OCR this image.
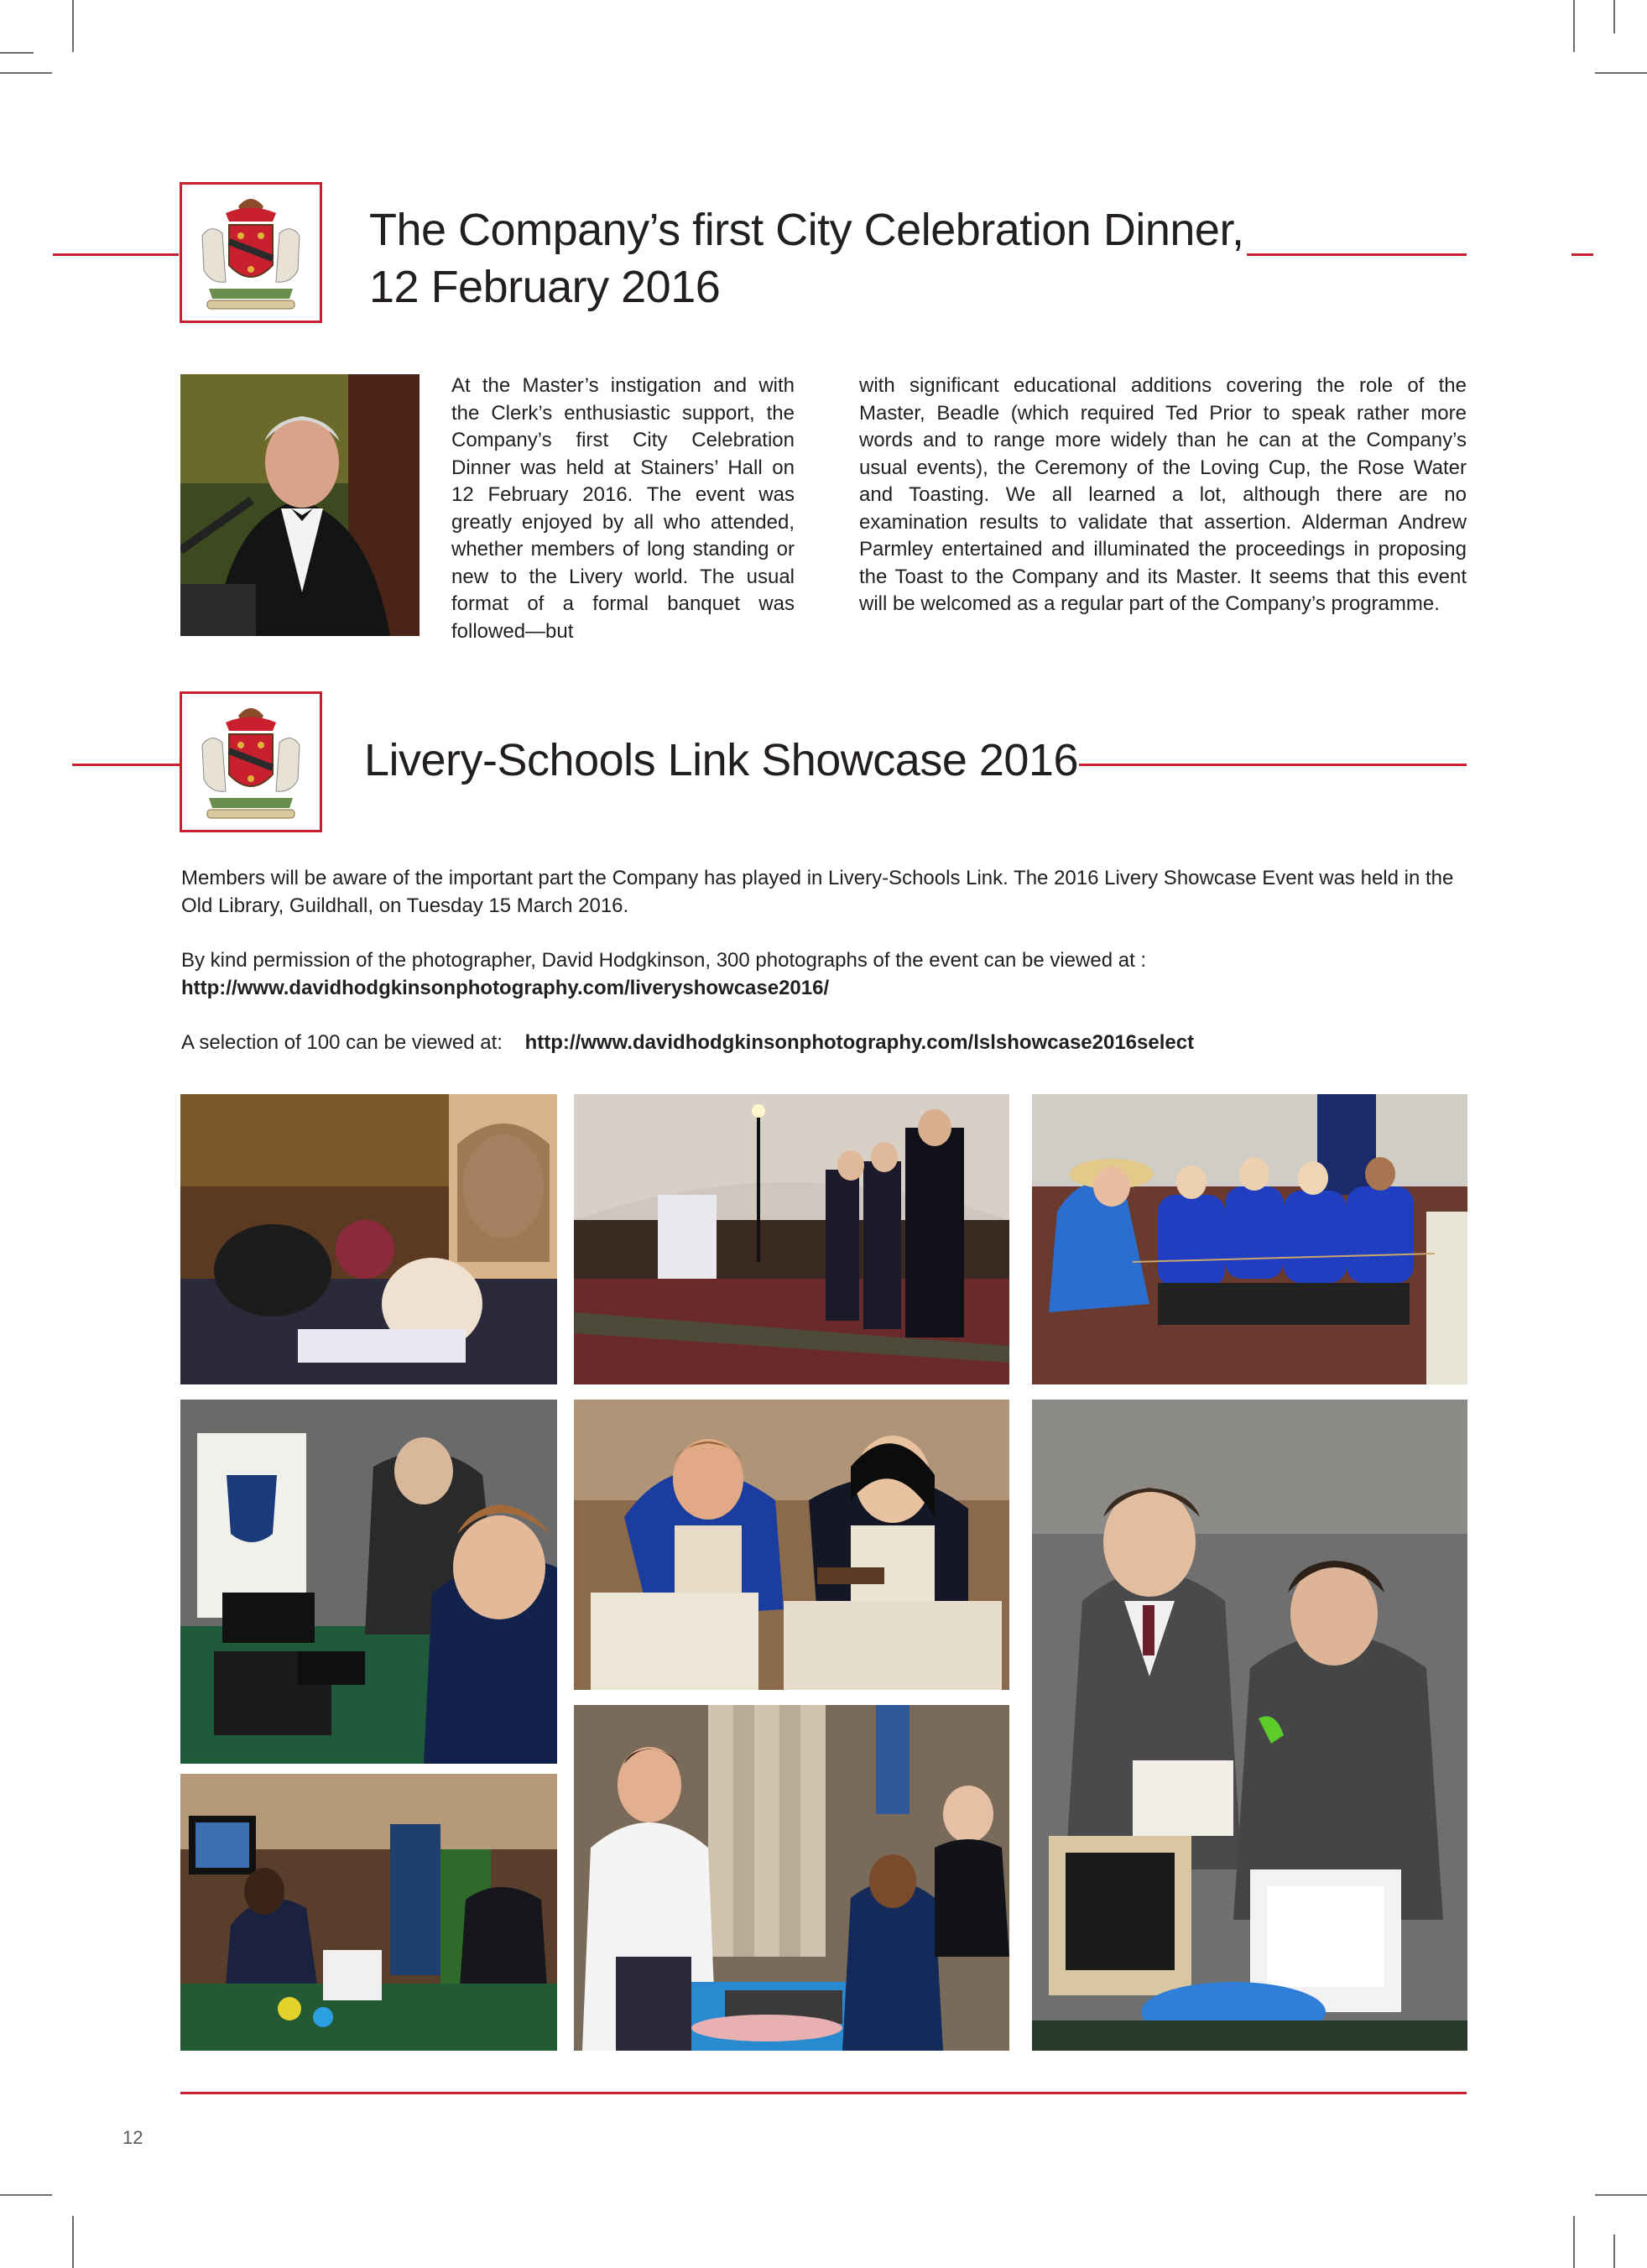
The Company’s first City Celebration Dinner,
12 February 2016

At the Master’s instigation and with the Clerk’s enthusiastic support, the Company’s first City Celebration Dinner was held at Stainers’ Hall on 12 February 2016. The event was greatly enjoyed by all who attended, whether members of long standing or new to the Livery world. The usual format of a formal banquet was followed—but

with significant educational additions covering the role of the Master, Beadle (which required Ted Prior to speak rather more words and to range more widely than he can at the Company’s usual events), the Ceremony of the Loving Cup, the Rose Water and Toasting. We all learned a lot, although there are no examination results to validate that assertion. Alderman Andrew Parmley entertained and illuminated the proceedings in proposing the Toast to the Company and its Master. It seems that this event will be welcomed as a regular part of the Company’s programme.

Livery-Schools Link Showcase 2016

Members will be aware of the important part the Company has played in Livery-Schools Link. The 2016 Livery Showcase Event was held in the Old Library, Guildhall, on Tuesday 15 March 2016.

By kind permission of the photographer, David Hodgkinson, 300 photographs of the event can be viewed at :
http://www.davidhodgkinsonphotography.com/liveryshowcase2016/

A selection of 100 can be viewed at: http://www.davidhodgkinsonphotography.com/lslshowcase2016select

12
